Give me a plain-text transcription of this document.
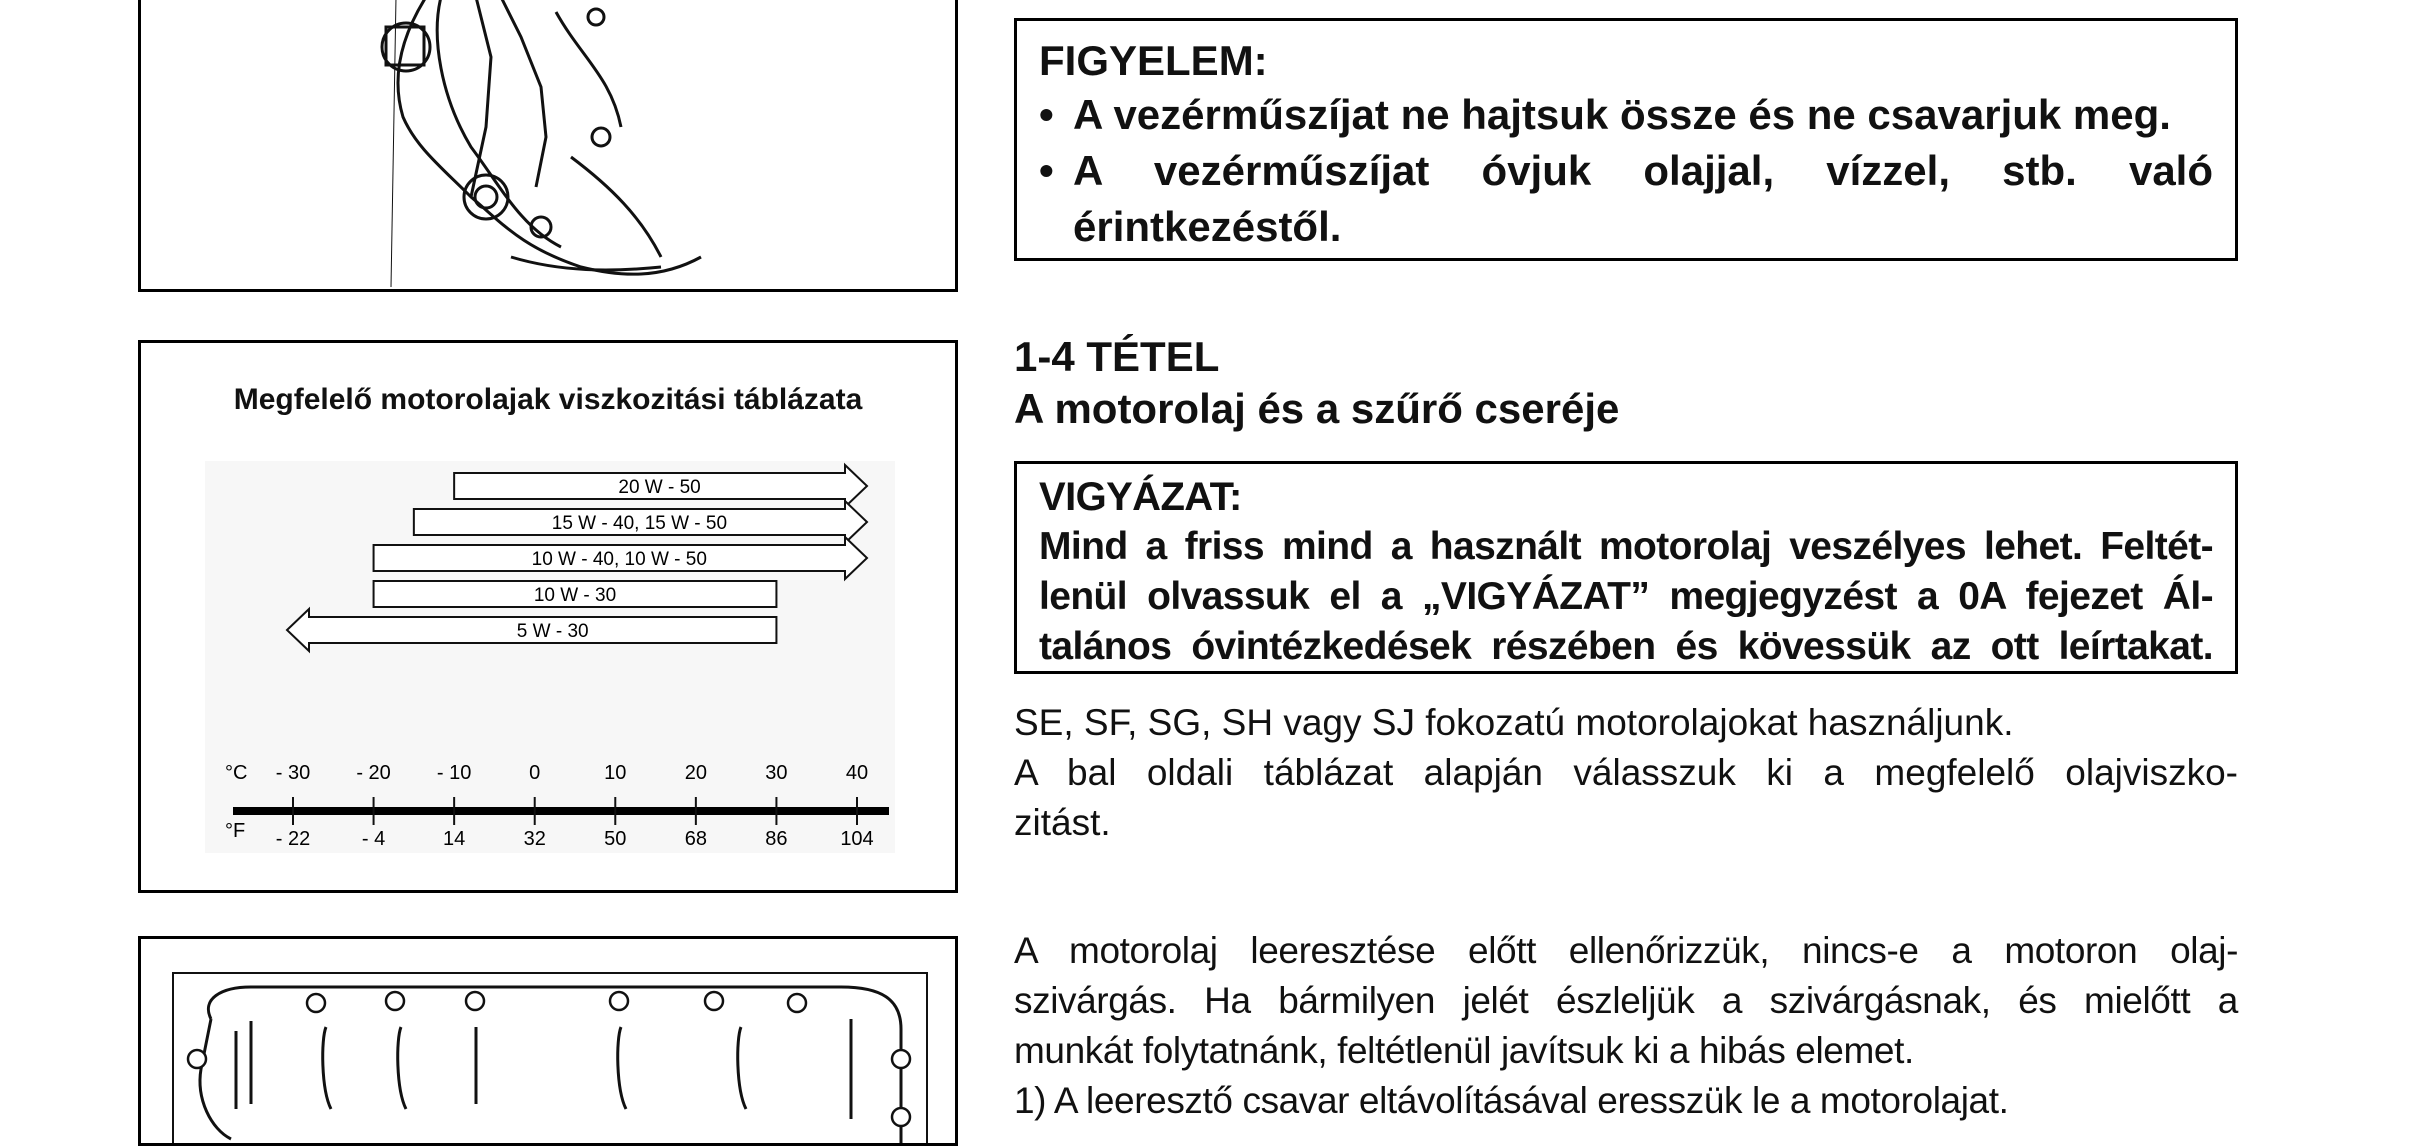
FIGYELEM:
• A vezérműszíjat ne hajtsuk össze és ne csavarjuk meg.
• A vezérműszíjat óvjuk olajjal, vízzel, stb. való érintkezéstől.
1-4 TÉTEL
A motorolaj és a szűrő cseréje
Megfelelő motorolajak viszkozitási táblázata
20 W - 50
15 W - 40, 15 W - 50
10 W - 40, 10 W - 50
10 W - 30
5 W - 30
°C
°F
- 30
- 22
- 20
- 4
- 10
14
0
32
10
50
20
68
30
86
40
104
VIGYÁZAT:
Mind a friss mind a használt motorolaj veszélyes lehet. Feltét-
lenül olvassuk el a „VIGYÁZAT” megjegyzést a 0A fejezet Ál-
talános óvintézkedések részében és kövessük az ott leírtakat.
SE, SF, SG, SH vagy SJ fokozatú motorolajokat használjunk.
A bal oldali táblázat alapján válasszuk ki a megfelelő olajviszko-
zitást.
A motorolaj leeresztése előtt ellenőrizzük, nincs-e a motoron olaj-
szivárgás. Ha bármilyen jelét észleljük a szivárgásnak, és mielőtt a
munkát folytatnánk, feltétlenül javítsuk ki a hibás elemet.
1) A leeresztő csavar eltávolításával eresszük le a motorolajat.
